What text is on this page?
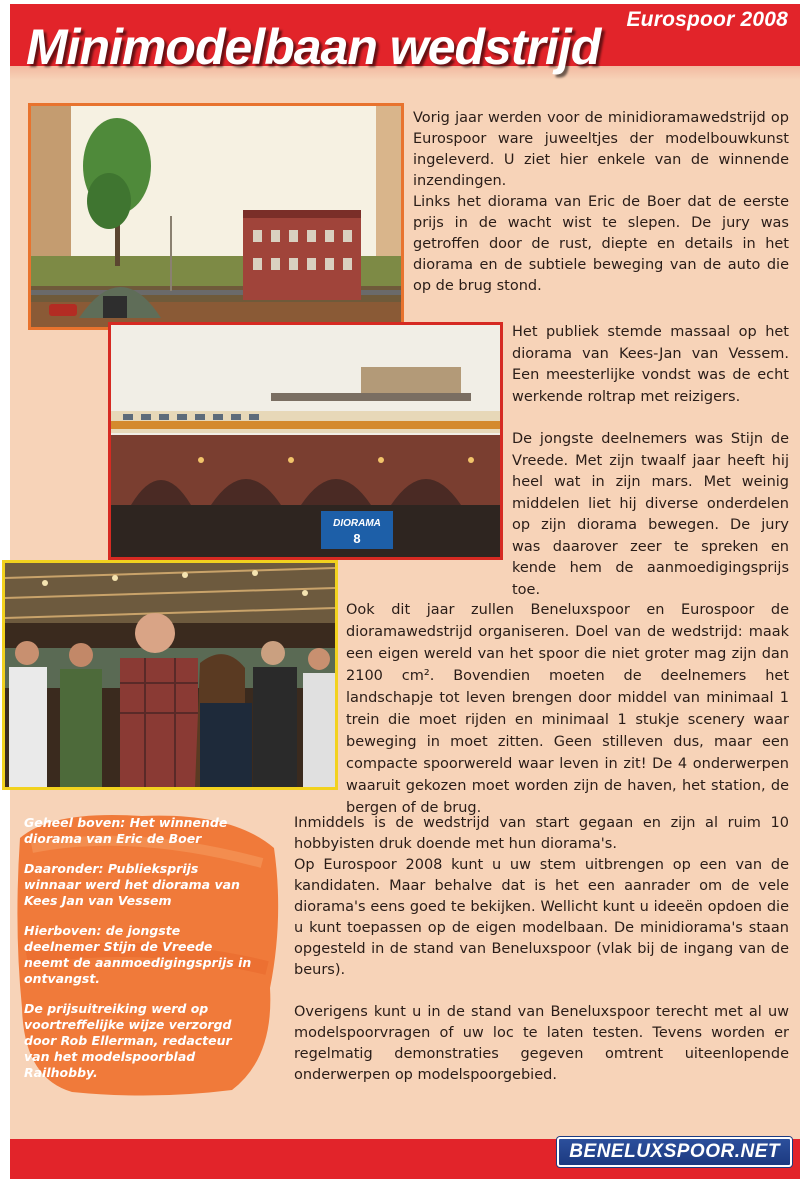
Eurospoor 2008
Minimodelbaan wedstrijd
BENELUXSPOOR.NET
DIORAMA
8

Vorig jaar werden voor de minidioramawedstrijd op Eurospoor ware juweeltjes der modelbouwkunst ingeleverd. U ziet hier enkele van de winnende inzendingen.

Links het diorama van Eric de Boer dat de eerste prijs in de wacht wist te slepen. De jury was getroffen door de rust, diepte en details in het diorama en de subtiele beweging van de auto die op de brug stond.

Het publiek stemde massaal op het diorama van Kees-Jan van Vessem. Een meesterlijke vondst was de echt werkende roltrap met reizigers.

De jongste deelnemers was Stijn de Vreede. Met zijn twaalf jaar heeft hij heel wat in zijn mars. Met weinig middelen liet hij diverse onderdelen op zijn diorama bewegen. De jury was daarover zeer te spreken en kende hem de aanmoedigingsprijs toe.

Ook dit jaar zullen Beneluxspoor en Eurospoor de dioramawedstrijd organiseren. Doel van de wedstrijd: maak een eigen wereld van het spoor die niet groter mag zijn dan 2100 cm². Bovendien moeten de deelnemers het landschapje tot leven brengen door middel van minimaal 1 trein die moet rijden en minimaal 1 stukje scenery waar beweging in moet zitten. Geen stilleven dus, maar een compacte spoorwereld waar leven in zit! De 4 onderwerpen waaruit gekozen moet worden zijn de haven, het station, de bergen of de brug.

Inmiddels is de wedstrijd van start gegaan en zijn al ruim 10 hobbyisten druk doende met hun diorama's.

Op Eurospoor 2008 kunt u uw stem uitbrengen op een van de kandidaten. Maar behalve dat is het een aanrader om de vele diorama's eens goed te bekijken. Wellicht kunt u ideeën opdoen die u kunt toepassen op de eigen modelbaan. De minidiorama's staan opgesteld in de stand van Beneluxspoor (vlak bij de ingang van de beurs).

Overigens kunt u in de stand van Beneluxspoor terecht met al uw modelspoorvragen of uw loc te laten testen. Tevens worden er regelmatig demonstraties gegeven omtrent uiteenlopende onderwerpen op modelspoorgebied.

Geheel boven: Het winnende diorama van Eric de Boer

Daaronder: Publieksprijs winnaar werd het diorama van Kees Jan van Vessem

Hierboven: de jongste deelnemer Stijn de Vreede neemt de aanmoedigingsprijs in ontvangst.

De prijsuitreiking werd op voortreffelijke wijze verzorgd door Rob Ellerman, redacteur van het modelspoorblad Railhobby.
